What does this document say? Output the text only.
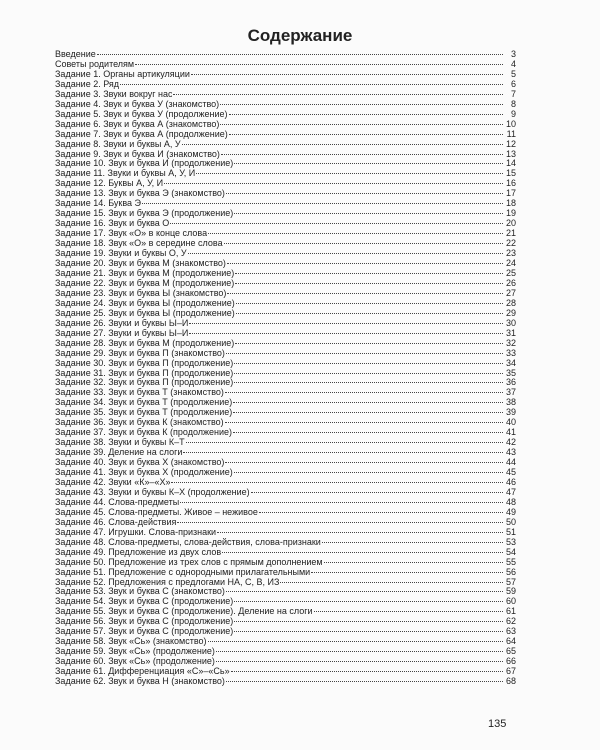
Содержание
Введение	3
Советы родителям	4
Задание 1. Органы артикуляции	5
Задание 2. Ряд	6
Задание 3. Звуки вокруг нас	7
Задание 4. Звук и буква У (знакомство)	8
Задание 5. Звук и буква У (продолжение)	9
Задание 6. Звук и буква А (знакомство)	10
Задание 7. Звук и буква А (продолжение)	11
Задание 8. Звуки и буквы А, У	12
Задание 9. Звук и буква И (знакомство)	13
Задание 10. Звук и буква И (продолжение)	14
Задание 11. Звуки и буквы А, У, И	15
Задание 12. Буквы А, У, И	16
Задание 13. Звук и буква Э (знакомство)	17
Задание 14. Буква Э	18
Задание 15. Звук и буква Э (продолжение)	19
Задание 16. Звук и буква О	20
Задание 17. Звук «О» в конце слова	21
Задание 18. Звук «О» в середине слова	22
Задание 19. Звуки и буквы О, У	23
Задание 20. Звук и буква М (знакомство)	24
Задание 21. Звук и буква М (продолжение)	25
Задание 22. Звук и буква М (продолжение)	26
Задание 23. Звук и буква Ы (знакомство)	27
Задание 24. Звук и буква Ы (продолжение)	28
Задание 25. Звук и буква Ы (продолжение)	29
Задание 26. Звуки и буквы Ы–И	30
Задание 27. Звуки и буквы Ы–И	31
Задание 28. Звук и буква М (продолжение)	32
Задание 29. Звук и буква П (знакомство)	33
Задание 30. Звук и буква П (продолжение)	34
Задание 31. Звук и буква П (продолжение)	35
Задание 32. Звук и буква П (продолжение)	36
Задание 33. Звук и буква Т (знакомство)	37
Задание 34. Звук и буква Т (продолжение)	38
Задание 35. Звук и буква Т (продолжение)	39
Задание 36. Звук и буква К (знакомство)	40
Задание 37. Звук и буква К (продолжение)	41
Задание 38. Звуки и буквы К–Т	42
Задание 39. Деление на слоги	43
Задание 40. Звук и буква Х (знакомство)	44
Задание 41. Звук и буква Х (продолжение)	45
Задание 42. Звуки «К»–«Х»	46
Задание 43. Звуки и буквы К–Х (продолжение)	47
Задание 44. Слова-предметы	48
Задание 45. Слова-предметы. Живое – неживое	49
Задание 46. Слова-действия	50
Задание 47. Игрушки. Слова-признаки	51
Задание 48. Слова-предметы, слова-действия, слова-признаки	53
Задание 49. Предложение из двух слов	54
Задание 50. Предложение из трех слов с прямым дополнением	55
Задание 51. Предложение с однородными прилагательными	56
Задание 52. Предложения с предлогами НА, С, В, ИЗ	57
Задание 53. Звук и буква С (знакомство)	59
Задание 54. Звук и буква С (продолжение)	60
Задание 55. Звук и буква С (продолжение). Деление на слоги	61
Задание 56. Звук и буква С (продолжение)	62
Задание 57. Звук и буква С (продолжение)	63
Задание 58. Звук «Сь» (знакомство)	64
Задание 59. Звук «Сь» (продолжение)	65
Задание 60. Звук «Сь» (продолжение)	66
Задание 61. Дифференциация «С»–«Сь»	67
Задание 62. Звук и буква Н (знакомство)	68
135
